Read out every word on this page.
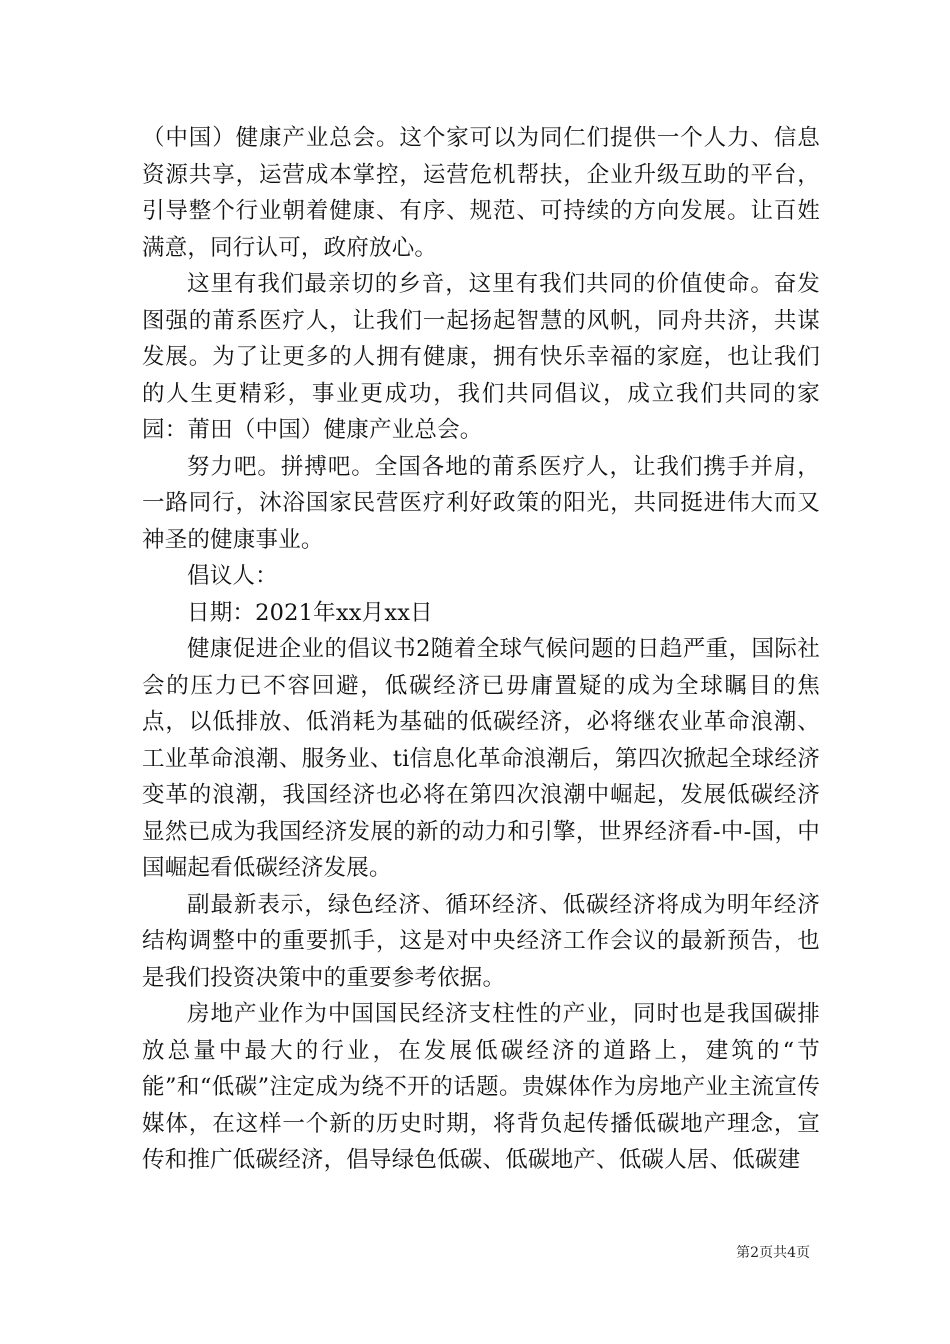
（中国）健康产业总会。这个家可以为同仁们提供一个人力、信息资源共享，运营成本掌控，运营危机帮扶，企业升级互助的平台，引导整个行业朝着健康、有序、规范、可持续的方向发展。让百姓满意，同行认可，政府放心。

这里有我们最亲切的乡音，这里有我们共同的价值使命。奋发图强的莆系医疗人，让我们一起扬起智慧的风帆，同舟共济，共谋发展。为了让更多的人拥有健康，拥有快乐幸福的家庭，也让我们的人生更精彩，事业更成功，我们共同倡议，成立我们共同的家园：莆田（中国）健康产业总会。

努力吧。拼搏吧。全国各地的莆系医疗人，让我们携手并肩，一路同行，沐浴国家民营医疗利好政策的阳光，共同挺进伟大而又神圣的健康事业。

倡议人：

日期：2021年xx月xx日

健康促进企业的倡议书2随着全球气候问题的日趋严重，国际社会的压力已不容回避，低碳经济已毋庸置疑的成为全球瞩目的焦点，以低排放、低消耗为基础的低碳经济，必将继农业革命浪潮、工业革命浪潮、服务业、ti信息化革命浪潮后，第四次掀起全球经济变革的浪潮，我国经济也必将在第四次浪潮中崛起，发展低碳经济显然已成为我国经济发展的新的动力和引擎，世界经济看-中-国，中国崛起看低碳经济发展。

副最新表示，绿色经济、循环经济、低碳经济将成为明年经济结构调整中的重要抓手，这是对中央经济工作会议的最新预告，也是我们投资决策中的重要参考依据。

房地产业作为中国国民经济支柱性的产业，同时也是我国碳排放总量中最大的行业，在发展低碳经济的道路上，建筑的“节能”和“低碳”注定成为绕不开的话题。贵媒体作为房地产业主流宣传媒体，在这样一个新的历史时期，将背负起传播低碳地产理念，宣传和推广低碳经济，倡导绿色低碳、低碳地产、低碳人居、低碳建

第2页共4页
